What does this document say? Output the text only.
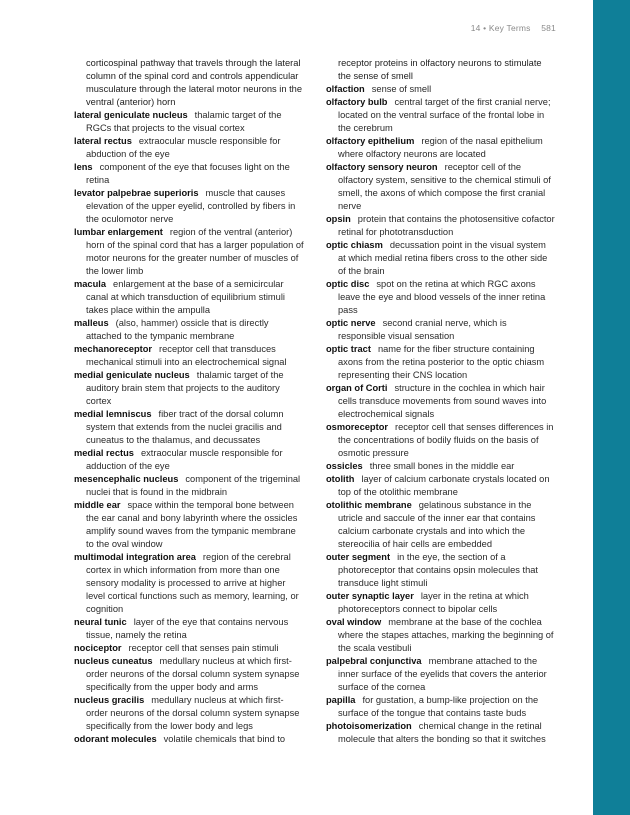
14 • Key Terms 581

corticospinal pathway that travels through the lateral column of the spinal cord and controls appendicular musculature through the lateral motor neurons in the ventral (anterior) horn

lateral geniculate nucleus thalamic target of the RGCs that projects to the visual cortex

lateral rectus extraocular muscle responsible for abduction of the eye

lens component of the eye that focuses light on the retina

levator palpebrae superioris muscle that causes elevation of the upper eyelid, controlled by fibers in the oculomotor nerve

lumbar enlargement region of the ventral (anterior) horn of the spinal cord that has a larger population of motor neurons for the greater number of muscles of the lower limb

macula enlargement at the base of a semicircular canal at which transduction of equilibrium stimuli takes place within the ampulla

malleus (also, hammer) ossicle that is directly attached to the tympanic membrane

mechanoreceptor receptor cell that transduces mechanical stimuli into an electrochemical signal

medial geniculate nucleus thalamic target of the auditory brain stem that projects to the auditory cortex

medial lemniscus fiber tract of the dorsal column system that extends from the nuclei gracilis and cuneatus to the thalamus, and decussates

medial rectus extraocular muscle responsible for adduction of the eye

mesencephalic nucleus component of the trigeminal nuclei that is found in the midbrain

middle ear space within the temporal bone between the ear canal and bony labyrinth where the ossicles amplify sound waves from the tympanic membrane to the oval window

multimodal integration area region of the cerebral cortex in which information from more than one sensory modality is processed to arrive at higher level cortical functions such as memory, learning, or cognition

neural tunic layer of the eye that contains nervous tissue, namely the retina

nociceptor receptor cell that senses pain stimuli

nucleus cuneatus medullary nucleus at which first-order neurons of the dorsal column system synapse specifically from the upper body and arms

nucleus gracilis medullary nucleus at which first-order neurons of the dorsal column system synapse specifically from the lower body and legs

odorant molecules volatile chemicals that bind to

receptor proteins in olfactory neurons to stimulate the sense of smell

olfaction sense of smell

olfactory bulb central target of the first cranial nerve; located on the ventral surface of the frontal lobe in the cerebrum

olfactory epithelium region of the nasal epithelium where olfactory neurons are located

olfactory sensory neuron receptor cell of the olfactory system, sensitive to the chemical stimuli of smell, the axons of which compose the first cranial nerve

opsin protein that contains the photosensitive cofactor retinal for phototransduction

optic chiasm decussation point in the visual system at which medial retina fibers cross to the other side of the brain

optic disc spot on the retina at which RGC axons leave the eye and blood vessels of the inner retina pass

optic nerve second cranial nerve, which is responsible visual sensation

optic tract name for the fiber structure containing axons from the retina posterior to the optic chiasm representing their CNS location

organ of Corti structure in the cochlea in which hair cells transduce movements from sound waves into electrochemical signals

osmoreceptor receptor cell that senses differences in the concentrations of bodily fluids on the basis of osmotic pressure

ossicles three small bones in the middle ear

otolith layer of calcium carbonate crystals located on top of the otolithic membrane

otolithic membrane gelatinous substance in the utricle and saccule of the inner ear that contains calcium carbonate crystals and into which the stereocilia of hair cells are embedded

outer segment in the eye, the section of a photoreceptor that contains opsin molecules that transduce light stimuli

outer synaptic layer layer in the retina at which photoreceptors connect to bipolar cells

oval window membrane at the base of the cochlea where the stapes attaches, marking the beginning of the scala vestibuli

palpebral conjunctiva membrane attached to the inner surface of the eyelids that covers the anterior surface of the cornea

papilla for gustation, a bump-like projection on the surface of the tongue that contains taste buds

photoisomerization chemical change in the retinal molecule that alters the bonding so that it switches
